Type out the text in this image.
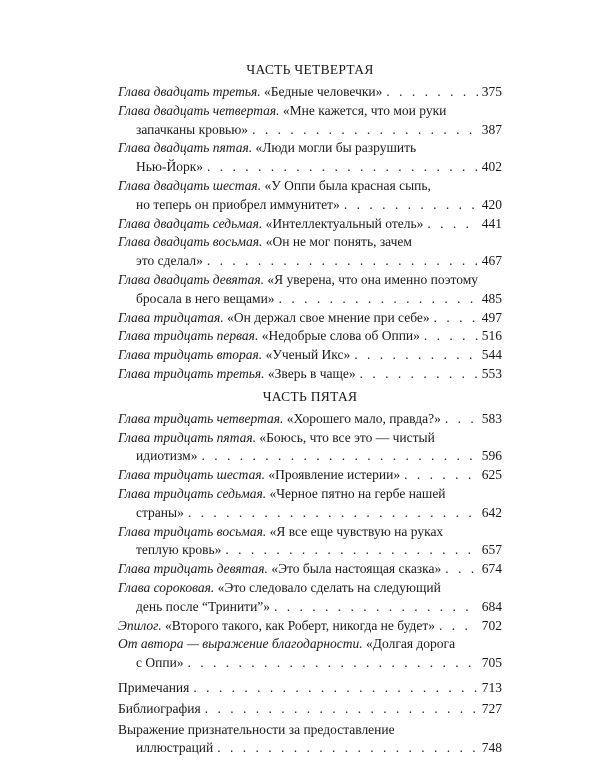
ЧАСТЬ ЧЕТВЕРТАЯ
Глава двадцать третья. «Бедные человечки» . . .	375
Глава двадцать четвертая. «Мне кажется, что мои руки
запачканы кровью» . . .	387
Глава двадцать пятая. «Люди могли бы разрушить
Нью-Йорк» . . .	402
Глава двадцать шестая. «У Оппи была красная сыпь,
но теперь он приобрел иммунитет» . . .	420
Глава двадцать седьмая. «Интеллектуальный отель» . . .	441
Глава двадцать восьмая. «Он не мог понять, зачем
это сделал» . . .	467
Глава двадцать девятая. «Я уверена, что она именно поэтому
бросала в него вещами» . . .	485
Глава тридцатая. «Он держал свое мнение при себе» . . .	497
Глава тридцать первая. «Недобрые слова об Оппи» . . .	516
Глава тридцать вторая. «Ученый Икс» . . .	544
Глава тридцать третья. «Зверь в чаще» . . .	553
ЧАСТЬ ПЯТАЯ
Глава тридцать четвертая. «Хорошего мало, правда?» . . .	583
Глава тридцать пятая. «Боюсь, что все это — чистый
идиотизм» . . .	596
Глава тридцать шестая. «Проявление истерии» . . .	625
Глава тридцать седьмая. «Черное пятно на гербе нашей
страны» . . .	642
Глава тридцать восьмая. «Я все еще чувствую на руках
теплую кровь» . . .	657
Глава тридцать девятая. «Это была настоящая сказка» . . .	674
Глава сороковая. «Это следовало сделать на следующий
день после “Тринити”» . . .	684
Эпилог. «Второго такого, как Роберт, никогда не будет» . . .	702
От автора — выражение благодарности. «Долгая дорога
с Оппи» . . .	705
Примечания . . .	713
Библиография . . .	727
Выражение признательности за предоставление
иллюстраций . . .	748
